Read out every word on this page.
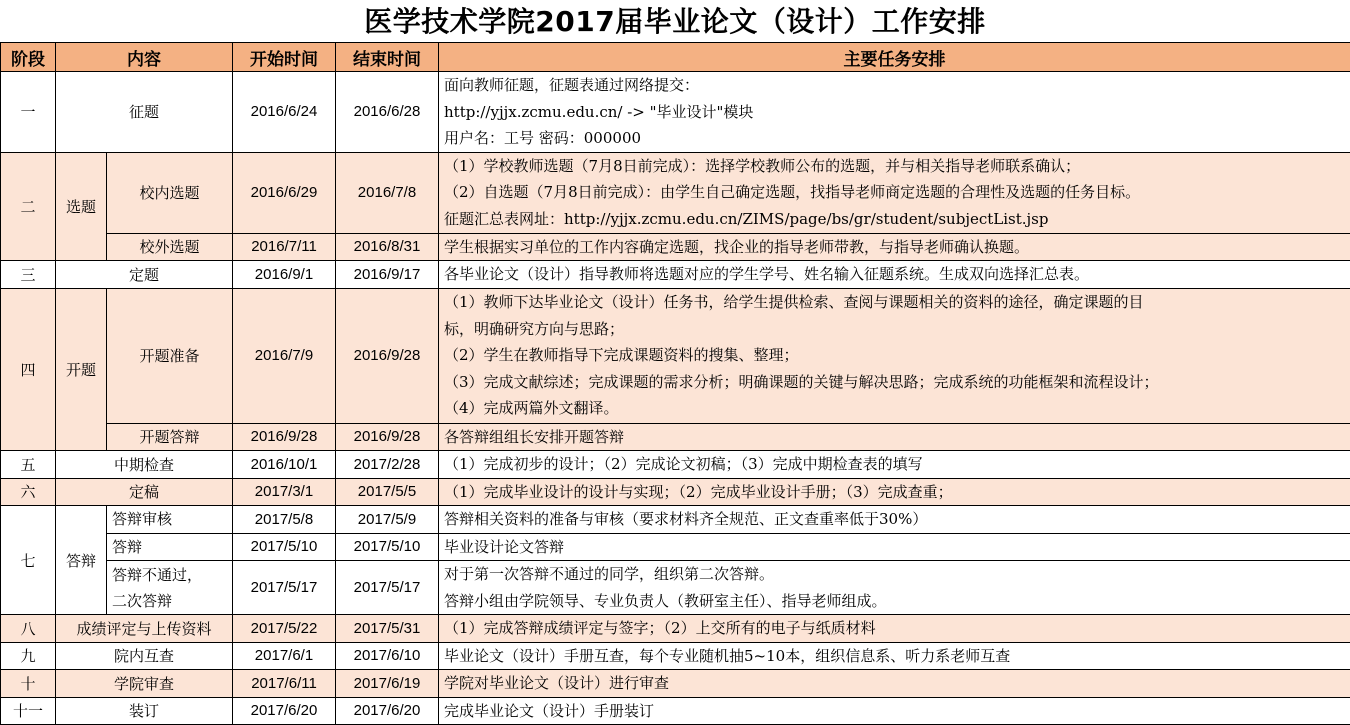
医学技术学院2017届毕业论文（设计）工作安排
阶段	内容		开始时间	结束时间	主要任务安排
一	征题		2016/6/24	2016/6/28	面向教师征题，征题表通过网络提交：
http://yjjx.zcmu.edu.cn/ -> "毕业设计"模块
用户名：工号 密码：000000

二	选题	校内选题	2016/6/29	2016/7/8	（1）学校教师选题（7月8日前完成）：选择学校教师公布的选题，并与相关指导老师联系确认；
（2）自选题（7月8日前完成）：由学生自己确定选题，找指导老师商定选题的合理性及选题的任务目标。
征题汇总表网址：http://yjjx.zcmu.edu.cn/ZIMS/page/bs/gr/student/subjectList.jsp

		校外选题	2016/7/11	2016/8/31	学生根据实习单位的工作内容确定选题，找企业的指导老师带教，与指导老师确认换题。
三	定题		2016/9/1	2016/9/17	各毕业论文（设计）指导教师将选题对应的学生学号、姓名输入征题系统。生成双向选择汇总表。
四	开题	开题准备	2016/7/9	2016/9/28	（1）教师下达毕业论文（设计）任务书，给学生提供检索、查阅与课题相关的资料的途径，确定课题的目
标，明确研究方向与思路；
（2）学生在教师指导下完成课题资料的搜集、整理；
（3）完成文献综述；完成课题的需求分析；明确课题的关键与解决思路；完成系统的功能框架和流程设计；
（4）完成两篇外文翻译。

		开题答辩	2016/9/28	2016/9/28	各答辩组组长安排开题答辩
五	中期检查		2016/10/1	2017/2/28	（1）完成初步的设计；（2）完成论文初稿；（3）完成中期检查表的填写
六	定稿		2017/3/1	2017/5/5	（1）完成毕业设计的设计与实现；（2）完成毕业设计手册；（3）完成查重；
七	答辩	答辩审核	2017/5/8	2017/5/9	答辩相关资料的准备与审核（要求材料齐全规范、正文查重率低于30%）
		答辩	2017/5/10	2017/5/10	毕业设计论文答辩

		答辩不通过，
二次答辩	2017/5/17	2017/5/17	对于第一次答辩不通过的同学，组织第二次答辩。
答辩小组由学院领导、专业负责人（教研室主任）、指导老师组成。

八	成绩评定与上传资料		2017/5/22	2017/5/31	（1）完成答辩成绩评定与签字；（2）上交所有的电子与纸质材料
九	院内互查		2017/6/1	2017/6/10	毕业论文（设计）手册互查，每个专业随机抽5~10本，组织信息系、听力系老师互查
十	学院审查		2017/6/11	2017/6/19	学院对毕业论文（设计）进行审查
十一	装订		2017/6/20	2017/6/20	完成毕业论文（设计）手册装订
